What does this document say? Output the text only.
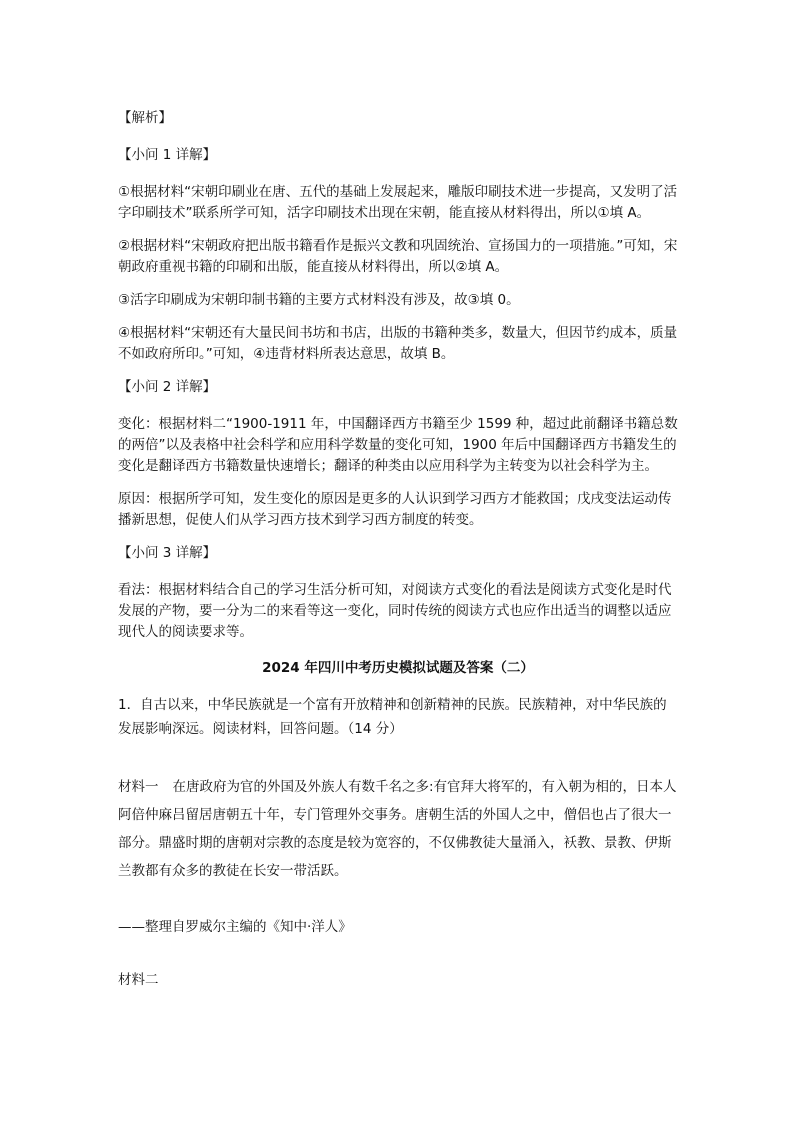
【解析】

【小问 1 详解】

①根据材料“宋朝印刷业在唐、五代的基础上发展起来，雕版印刷技术进一步提高，又发明了活字印刷技术”联系所学可知，活字印刷技术出现在宋朝，能直接从材料得出，所以①填 A。

②根据材料“宋朝政府把出版书籍看作是振兴文教和巩固统治、宣扬国力的一项措施。”可知，宋朝政府重视书籍的印刷和出版，能直接从材料得出，所以②填 A。

③活字印刷成为宋朝印制书籍的主要方式材料没有涉及，故③填 0。

④根据材料“宋朝还有大量民间书坊和书店，出版的书籍种类多，数量大，但因节约成本，质量不如政府所印。”可知，④违背材料所表达意思，故填 B。

【小问 2 详解】

变化：根据材料二“1900-1911 年，中国翻译西方书籍至少 1599 种，超过此前翻译书籍总数的两倍”以及表格中社会科学和应用科学数量的变化可知，1900 年后中国翻译西方书籍发生的变化是翻译西方书籍数量快速增长；翻译的种类由以应用科学为主转变为以社会科学为主。

原因：根据所学可知，发生变化的原因是更多的人认识到学习西方才能救国；戊戌变法运动传播新思想，促使人们从学习西方技术到学习西方制度的转变。

【小问 3 详解】

看法：根据材料结合自己的学习生活分析可知，对阅读方式变化的看法是阅读方式变化是时代发展的产物，要一分为二的来看等这一变化，同时传统的阅读方式也应作出适当的调整以适应现代人的阅读要求等。

2024 年四川中考历史模拟试题及答案（二）

1．自古以来，中华民族就是一个富有开放精神和创新精神的民族。民族精神，对中华民族的发展影响深远。阅读材料，回答问题。（14 分）

材料一 在唐政府为官的外国及外族人有数千名之多:有官拜大将军的，有入朝为相的，日本人阿倍仲麻吕留居唐朝五十年，专门管理外交事务。唐朝生活的外国人之中，僧侣也占了很大一部分。鼎盛时期的唐朝对宗教的态度是较为宽容的，不仅佛教徒大量涌入，袄教、景教、伊斯兰教都有众多的教徒在长安一带活跃。

——整理自罗威尔主编的《知中·洋人》

材料二
